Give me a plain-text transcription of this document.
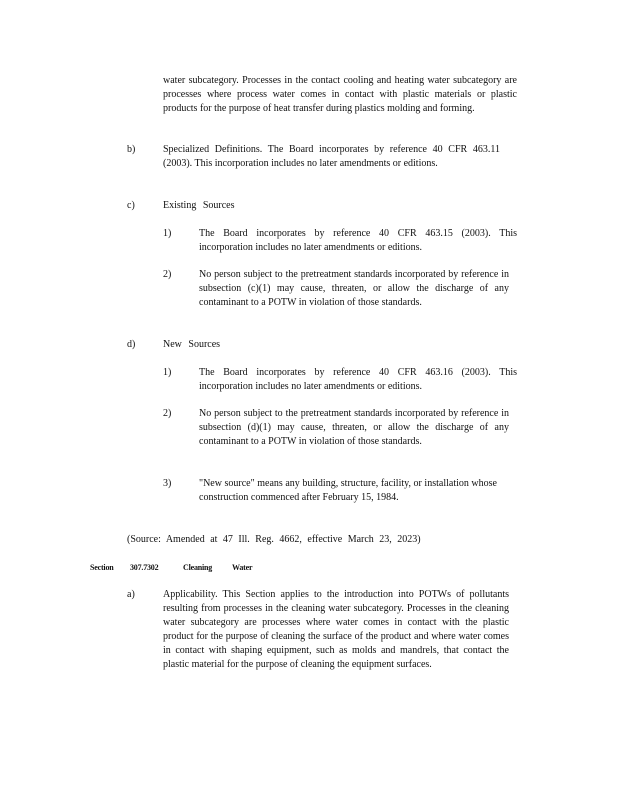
water subcategory. Processes in the contact cooling and heating water subcategory are processes where process water comes in contact with plastic materials or plastic products for the purpose of heat transfer during plastics molding and forming.

b)	Specialized Definitions. The Board incorporates by reference 40 CFR 463.11 (2003). This incorporation includes no later amendments or editions.

c)	Existing Sources
1)	The Board incorporates by reference 40 CFR 463.15 (2003). This incorporation includes no later amendments or editions.

2)	No person subject to the pretreatment standards incorporated by reference in subsection (c)(1) may cause, threaten, or allow the discharge of any contaminant to a POTW in violation of those standards.

d)	New Sources
1)	The Board incorporates by reference 40 CFR 463.16 (2003). This incorporation includes no later amendments or editions.

2)	No person subject to the pretreatment standards incorporated by reference in subsection (d)(1) may cause, threaten, or allow the discharge of any contaminant to a POTW in violation of those standards.

3)	"New source" means any building, structure, facility, or installation whose construction commenced after February 15, 1984.

(Source: Amended at 47 Ill. Reg. 4662, effective March 23, 2023)

Section 307.7302	Cleaning Water
a)	Applicability. This Section applies to the introduction into POTWs of pollutants resulting from processes in the cleaning water subcategory. Processes in the cleaning water subcategory are processes where water comes in contact with the plastic product for the purpose of cleaning the surface of the product and where water comes in contact with shaping equipment, such as molds and mandrels, that contact the plastic material for the purpose of cleaning the equipment surfaces.
